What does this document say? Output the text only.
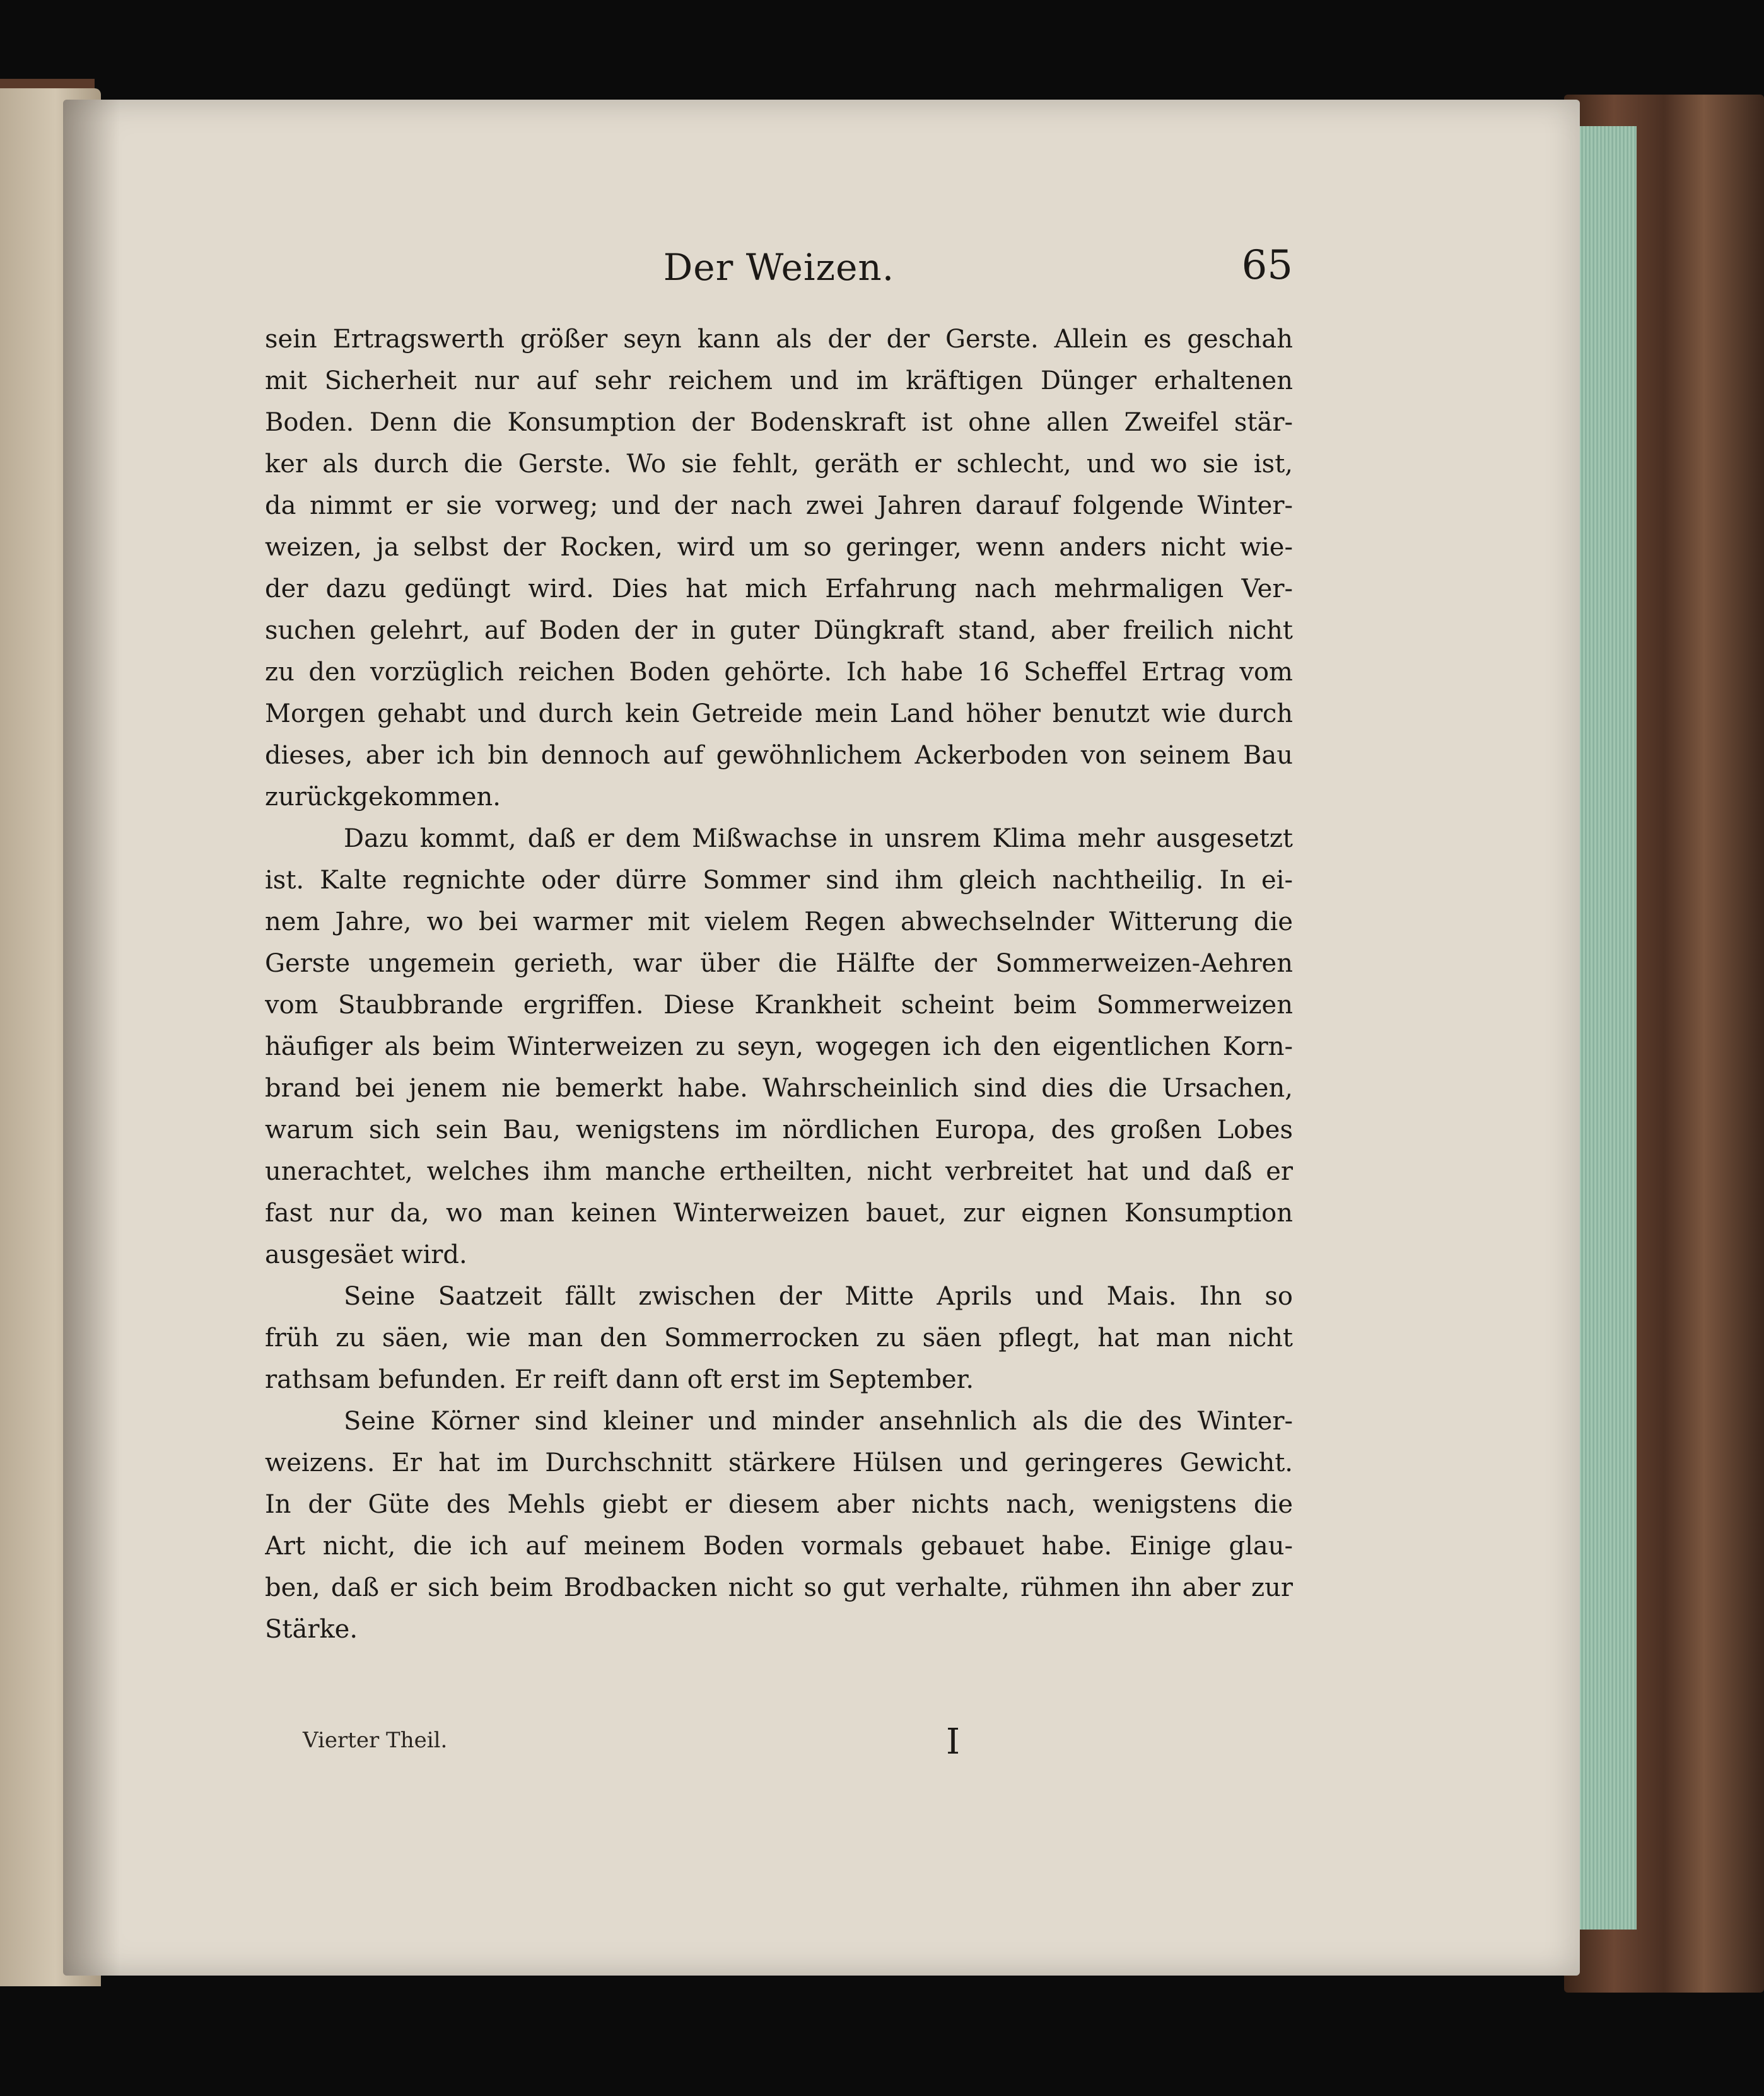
Der Weizen.	65
sein Ertragswerth größer seyn kann als der der Gerste. Allein es geschah
mit Sicherheit nur auf sehr reichem und im kräftigen Dünger erhaltenen
Boden. Denn die Konsumption der Bodenskraft ist ohne allen Zweifel stär-
ker als durch die Gerste. Wo sie fehlt, geräth er schlecht, und wo sie ist,
da nimmt er sie vorweg; und der nach zwei Jahren darauf folgende Winter-
weizen, ja selbst der Rocken, wird um so geringer, wenn anders nicht wie-
der dazu gedüngt wird. Dies hat mich Erfahrung nach mehrmaligen Ver-
suchen gelehrt, auf Boden der in guter Düngkraft stand, aber freilich nicht
zu den vorzüglich reichen Boden gehörte. Ich habe 16 Scheffel Ertrag vom
Morgen gehabt und durch kein Getreide mein Land höher benutzt wie durch
dieses, aber ich bin dennoch auf gewöhnlichem Ackerboden von seinem Bau
zurückgekommen.
Dazu kommt, daß er dem Mißwachse in unsrem Klima mehr ausgesetzt
ist. Kalte regnichte oder dürre Sommer sind ihm gleich nachtheilig. In ei-
nem Jahre, wo bei warmer mit vielem Regen abwechselnder Witterung die
Gerste ungemein gerieth, war über die Hälfte der Sommerweizen-Aehren
vom Staubbrande ergriffen. Diese Krankheit scheint beim Sommerweizen
häufiger als beim Winterweizen zu seyn, wogegen ich den eigentlichen Korn-
brand bei jenem nie bemerkt habe. Wahrscheinlich sind dies die Ursachen,
warum sich sein Bau, wenigstens im nördlichen Europa, des großen Lobes
unerachtet, welches ihm manche ertheilten, nicht verbreitet hat und daß er
fast nur da, wo man keinen Winterweizen bauet, zur eignen Konsumption
ausgesäet wird.
Seine Saatzeit fällt zwischen der Mitte Aprils und Mais. Ihn so
früh zu säen, wie man den Sommerrocken zu säen pflegt, hat man nicht
rathsam befunden. Er reift dann oft erst im September.
Seine Körner sind kleiner und minder ansehnlich als die des Winter-
weizens. Er hat im Durchschnitt stärkere Hülsen und geringeres Gewicht.
In der Güte des Mehls giebt er diesem aber nichts nach, wenigstens die
Art nicht, die ich auf meinem Boden vormals gebauet habe. Einige glau-
ben, daß er sich beim Brodbacken nicht so gut verhalte, rühmen ihn aber zur
Stärke.
Vierter Theil.	I
